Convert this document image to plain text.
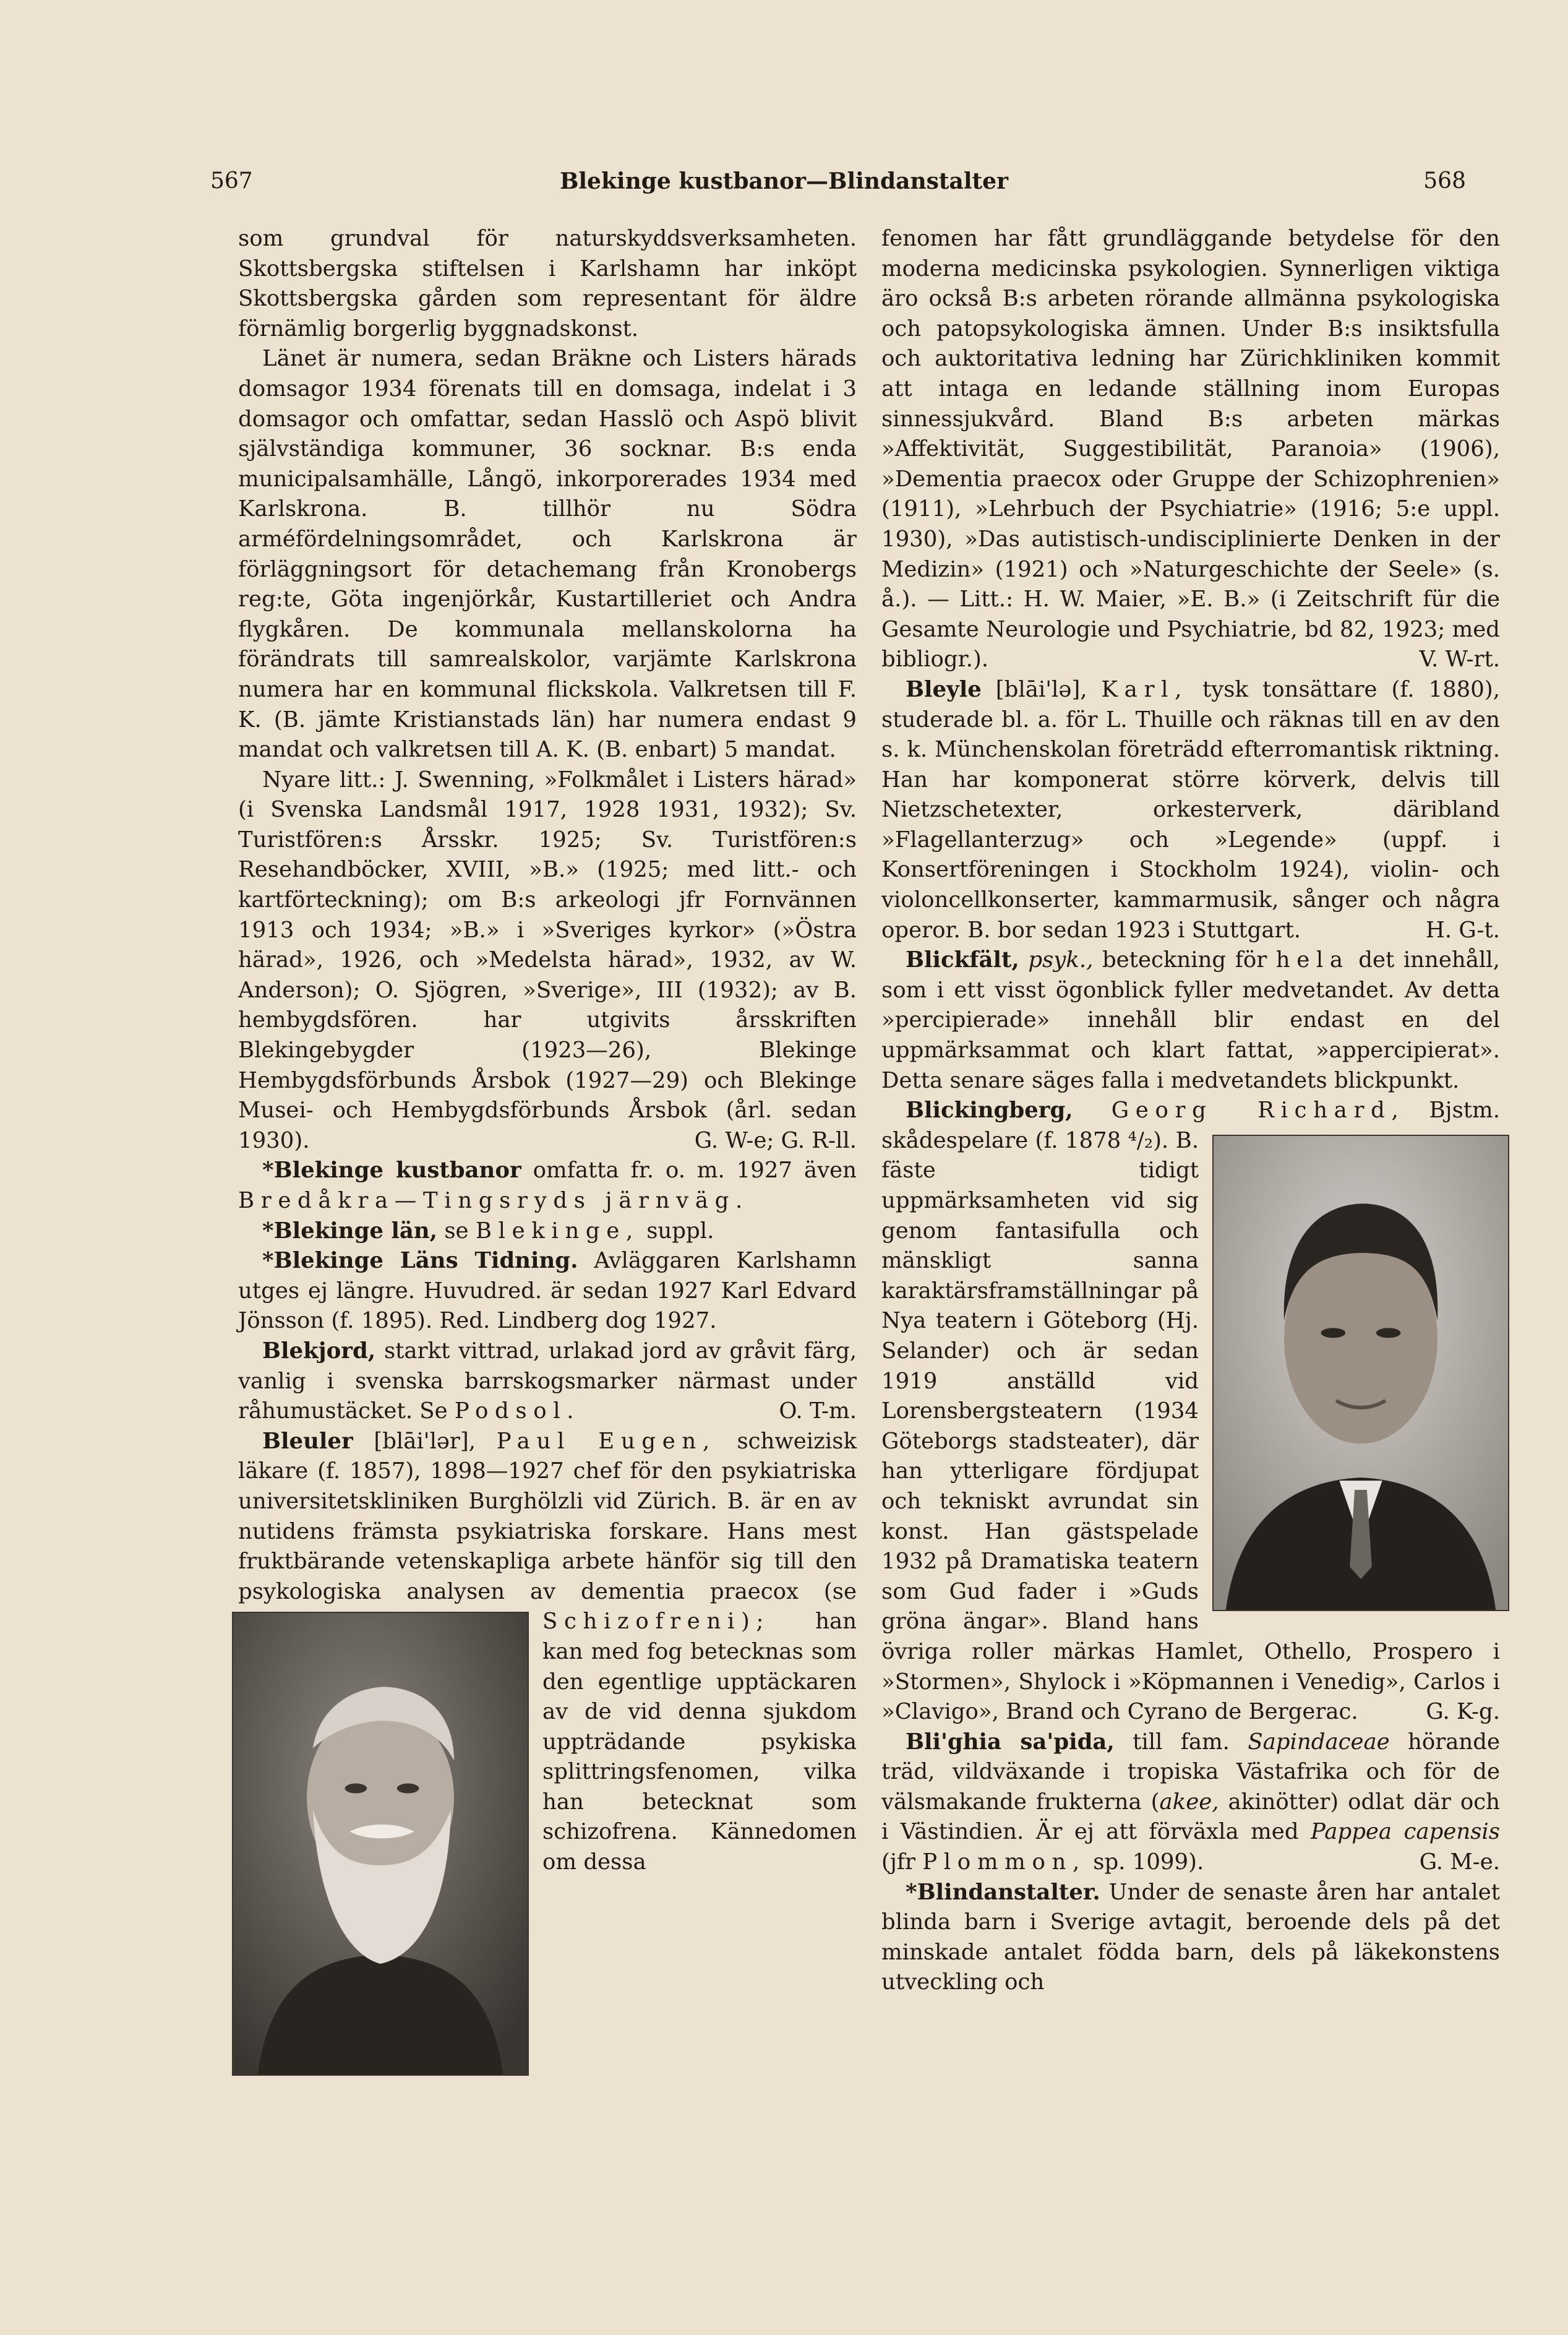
567	Blekinge kustbanor—Blindanstalter	568

som grundval för naturskyddsverksamheten. Skottsbergska stiftelsen i Karlshamn har inköpt Skottsbergska gården som representant för äldre förnämlig borgerlig byggnadskonst.

Länet är numera, sedan Bräkne och Listers härads domsagor 1934 förenats till en domsaga, indelat i 3 domsagor och omfattar, sedan Hasslö och Aspö blivit självständiga kommuner, 36 socknar. B:s enda municipalsamhälle, Långö, inkorporerades 1934 med Karlskrona. B. tillhör nu Södra arméfördelningsområdet, och Karlskrona är förläggningsort för detachemang från Kronobergs reg:te, Göta ingenjörkår, Kustartilleriet och Andra flygkåren. De kommunala mellanskolorna ha förändrats till samrealskolor, varjämte Karlskrona numera har en kommunal flickskola. Valkretsen till F. K. (B. jämte Kristianstads län) har numera endast 9 mandat och valkretsen till A. K. (B. enbart) 5 mandat.

Nyare litt.: J. Swenning, »Folkmålet i Listers härad» (i Svenska Landsmål 1917, 1928 1931, 1932); Sv. Turistfören:s Årsskr. 1925; Sv. Turistfören:s Resehandböcker, XVIII, »B.» (1925; med litt.- och kartförteckning); om B:s arkeologi jfr Fornvännen 1913 och 1934; »B.» i »Sveriges kyrkor» (»Östra härad», 1926, och »Medelsta härad», 1932, av W. Anderson); O. Sjögren, »Sverige», III (1932); av B. hembygdsfören. har utgivits årsskriften Blekingebygder (1923—26), Blekinge Hembygdsförbunds Årsbok (1927—29) och Blekinge Musei- och Hembygdsförbunds Årsbok (årl. sedan 1930).	G. W-e; G. R-ll.

*Blekinge kustbanor omfatta fr. o. m. 1927 även Bredåkra—Tingsryds järnväg.

*Blekinge län, se Blekinge, suppl.

*Blekinge Läns Tidning. Avläggaren Karlshamn utges ej längre. Huvudred. är sedan 1927 Karl Edvard Jönsson (f. 1895). Red. Lindberg dog 1927.

Blekjord, starkt vittrad, urlakad jord av gråvit färg, vanlig i svenska barrskogsmarker närmast under råhumustäcket. Se Podsol.	O. T-m.

Bleuler [blāi'lər], Paul Eugen, schweizisk läkare (f. 1857), 1898—1927 chef för den psykiatriska universitetskliniken Burghölzli vid Zürich. B. är en av nutidens främsta psykiatriska forskare. Hans mest fruktbärande vetenskapliga arbete hänför sig till den psykologiska analysen av dementia praecox (se
Schizofreni); han kan med fog betecknas som den egentlige upptäckaren av de vid denna sjukdom uppträdande psykiska splittringsfenomen, vilka han betecknat som schizofrena. Kännedomen om dessa

fenomen har fått grundläggande betydelse för den moderna medicinska psykologien. Synnerligen viktiga äro också B:s arbeten rörande allmänna psykologiska och patopsykologiska ämnen. Under B:s insiktsfulla och auktoritativa ledning har Zürichkliniken kommit att intaga en ledande ställning inom Europas sinnessjukvård. Bland B:s arbeten märkas »Affektivität, Suggestibilität, Paranoia» (1906), »Dementia praecox oder Gruppe der Schizophrenien» (1911), »Lehrbuch der Psychiatrie» (1916; 5:e uppl. 1930), »Das autistisch-undisciplinierte Denken in der Medizin» (1921) och »Naturgeschichte der Seele» (s. å.). — Litt.: H. W. Maier, »E. B.» (i Zeitschrift für die Gesamte Neurologie und Psychiatrie, bd 82, 1923; med bibliogr.).	V. W-rt.

Bleyle [blāi'lə], Karl, tysk tonsättare (f. 1880), studerade bl. a. för L. Thuille och räknas till en av den s. k. Münchenskolan företrädd efterromantisk riktning. Han har komponerat större körverk, delvis till Nietzschetexter, orkesterverk, däribland »Flagellanterzug» och »Legende» (uppf. i Konsertföreningen i Stockholm 1924), violin- och violoncellkonserter, kammarmusik, sånger och några operor. B. bor sedan 1923 i Stuttgart.	H. G-t.

Blickfält, psyk., beteckning för hela det innehåll, som i ett visst ögonblick fyller medvetandet. Av detta »percipierade» innehåll blir endast en del uppmärksammat och klart fattat, »appercipierat». Detta senare säges falla i medvetandets blickpunkt.
Bjstm.

Blickingberg, Georg Richard, skådespelare (f. 1878 ⁴/₂). B. fäste tidigt uppmärksamheten vid sig genom fantasifulla och mänskligt sanna karaktärsframställningar på Nya teatern i Göteborg (Hj. Selander) och är sedan 1919 anställd vid Lorensbergsteatern (1934 Göteborgs stadsteater), där han ytterligare fördjupat och tekniskt avrundat sin konst. Han gästspelade 1932 på Dramatiska teatern som Gud fader i »Guds gröna ängar». Bland hans övriga roller märkas Hamlet, Othello, Prospero i »Stormen», Shylock i »Köpmannen i Venedig», Carlos i »Clavigo», Brand och Cyrano de Bergerac.	G. K-g.

Bli'ghia sa'pida, till fam. Sapindaceae hörande träd, vildväxande i tropiska Västafrika och för de välsmakande frukterna (akee, akinötter) odlat där och i Västindien. Är ej att förväxla med Pappea capensis (jfr Plommon, sp. 1099).	G. M-e.

*Blindanstalter. Under de senaste åren har antalet blinda barn i Sverige avtagit, beroende dels på det minskade antalet födda barn, dels på läkekonstens utveckling och
